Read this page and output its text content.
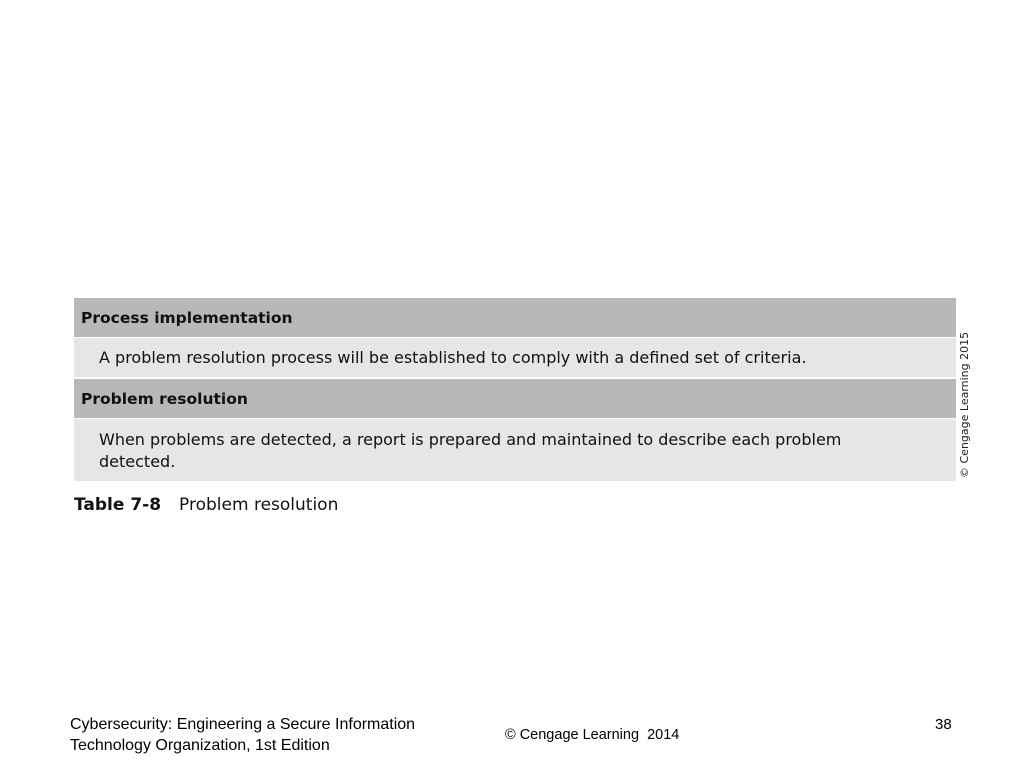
Process implementation
A problem resolution process will be established to comply with a defined set of criteria.
Problem resolution
When problems are detected, a report is prepared and maintained to describe each problem detected.	© Cengage Learning 2015
Table 7-8 Problem resolution
Cybersecurity: Engineering a Secure Information
Technology Organization, 1st Edition
© Cengage Learning  2014
38
